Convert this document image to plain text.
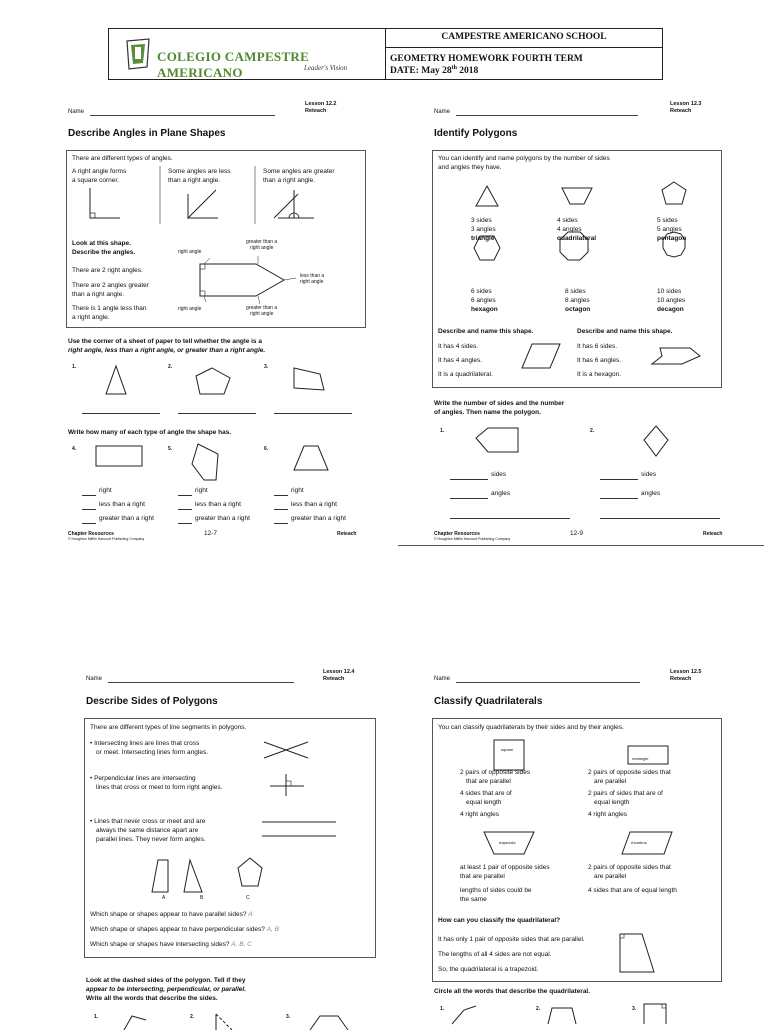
COLEGIO CAMPESTRE AMERICANO	Leader's Vision
CAMPESTRE AMERICANO SCHOOL
GEOMETRY HOMEWORK FOURTH TERM
DATE: May 28th 2018
Name
Lesson 12.2
Reteach
Describe Angles in Plane Shapes
There are different types of angles.
A right angle forms
a square corner.
Some angles are less
than a right angle.
Some angles are greater
than a right angle.
Look at this shape.
Describe the angles.
There are 2 right angles.
There are 2 angles greater
than a right angle.
There is 1 angle less than
a right angle.
right angle
greater than a
right angle
less than a
right angle
right angle	greater than a
right angle
Use the corner of a sheet of paper to tell whether the angle is a
right angle, less than a right angle, or greater than a right angle.
1.	2.	3.
Write how many of each type of angle the shape has.
4.	5.	6.
right
less than a right
greater than a right
right
less than a right
greater than a right
right
less than a right
greater than a right
Chapter Resources
© Houghton Mifflin Harcourt Publishing Company
12-7	Reteach
Name
Lesson 12.3
Reteach
Identify Polygons
You can identify and name polygons by the number of sides
and angles they have.
3 sides
3 angles
triangle
4 sides
4 angles
quadrilateral
5 sides
5 angles
pentagon
6 sides
6 angles
hexagon
8 sides
8 angles
octagon
10 sides
10 angles
decagon
Describe and name this shape.	Describe and name this shape.
It has 4 sides.
It has 4 angles.
It is a quadrilateral.
It has 6 sides.
It has 6 angles.
It is a hexagon.
Write the number of sides and the number
of angles. Then name the polygon.
1.	2.
sides
angles
sides
angles
Chapter Resources
© Houghton Mifflin Harcourt Publishing Company
12-9	Reteach
Name
Lesson 12.4
Reteach
Describe Sides of Polygons
There are different types of line segments in polygons.
• Intersecting lines are lines that cross
or meet. Intersecting lines form angles.
• Perpendicular lines are intersecting
lines that cross or meet to form right angles.
• Lines that never cross or meet and are
always the same distance apart are
parallel lines. They never form angles.
A	B	C
Which shape or shapes appear to have parallel sides? A
Which shape or shapes appear to have perpendicular sides? A, B
Which shape or shapes have intersecting sides? A, B, C
Look at the dashed sides of the polygon. Tell if they
appear to be intersecting, perpendicular, or parallel.
Write all the words that describe the sides.
1.	2.	3.
Name
Lesson 12.5
Reteach
Classify Quadrilaterals
You can classify quadrilaterals by their sides and by their angles.
square
rectangle
trapezoid	rhombus
2 pairs of opposite sides
that are parallel
4 sides that are of
equal length
4 right angles
2 pairs of opposite sides that
are parallel
2 pairs of sides that are of
equal length
4 right angles
at least 1 pair of opposite sides
that are parallel
lengths of sides could be
the same
2 pairs of opposite sides that
are parallel
4 sides that are of equal length
How can you classify the quadrilateral?
It has only 1 pair of opposite sides that are parallel.
The lengths of all 4 sides are not equal.
So, the quadrilateral is a trapezoid.
Circle all the words that describe the quadrilateral.
1.	2.	3.
